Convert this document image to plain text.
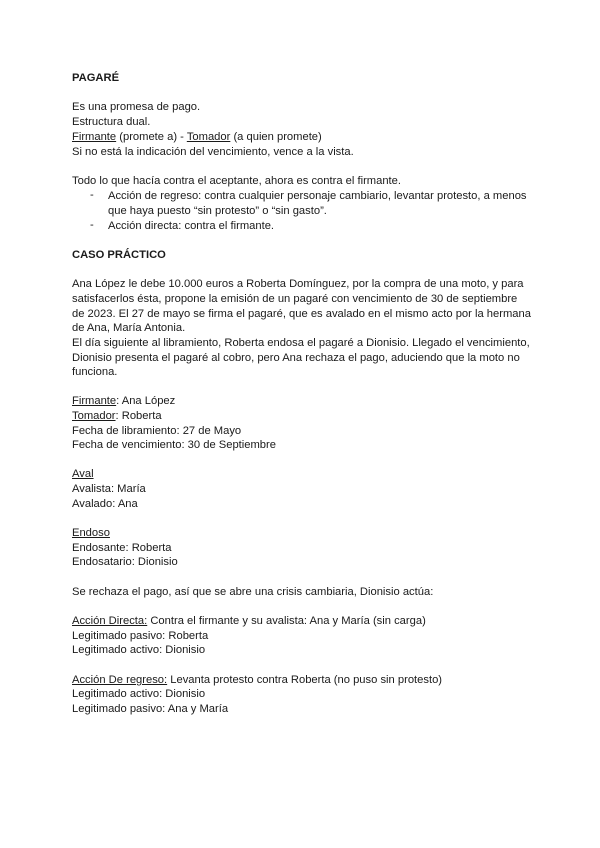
PAGARÉ
Es una promesa de pago.
Estructura dual.
Firmante (promete a) - Tomador (a quien promete)
Si no está la indicación del vencimiento, vence a la vista.
Todo lo que hacía contra el aceptante, ahora es contra el firmante.
- Acción de regreso: contra cualquier personaje cambiario, levantar protesto, a menos
que haya puesto “sin protesto” o “sin gasto”.
- Acción directa: contra el firmante.
CASO PRÁCTICO
Ana López le debe 10.000 euros a Roberta Domínguez, por la compra de una moto, y para
satisfacerlos ésta, propone la emisión de un pagaré con vencimiento de 30 de septiembre
de 2023. El 27 de mayo se firma el pagaré, que es avalado en el mismo acto por la hermana
de Ana, María Antonia.
El día siguiente al libramiento, Roberta endosa el pagaré a Dionisio. Llegado el vencimiento,
Dionisio presenta el pagaré al cobro, pero Ana rechaza el pago, aduciendo que la moto no
funciona.
Firmante: Ana López
Tomador: Roberta
Fecha de libramiento: 27 de Mayo
Fecha de vencimiento: 30 de Septiembre
Aval
Avalista: María
Avalado: Ana
Endoso
Endosante: Roberta
Endosatario: Dionisio
Se rechaza el pago, así que se abre una crisis cambiaria, Dionisio actúa:
Acción Directa: Contra el firmante y su avalista: Ana y María (sin carga)
Legitimado pasivo: Roberta
Legitimado activo: Dionisio
Acción De regreso: Levanta protesto contra Roberta (no puso sin protesto)
Legitimado activo: Dionisio
Legitimado pasivo: Ana y María
